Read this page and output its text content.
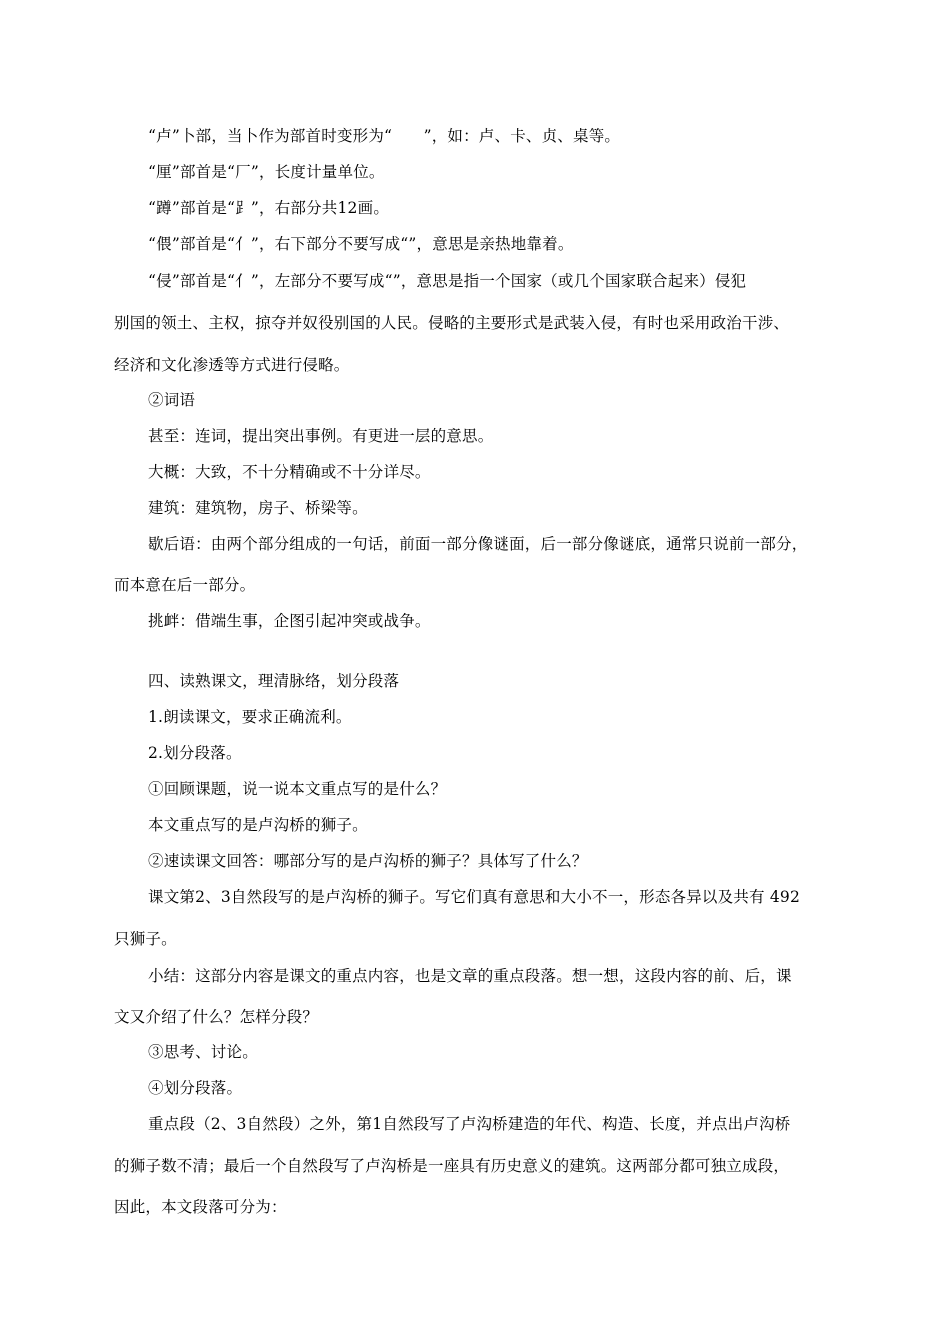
“卢”卜部，当卜作为部首时变形为“　　”，如：卢、卡、贞、桌等。
“厘”部首是“厂”，长度计量单位。
“蹲”部首是“⻊”，右部分共12画。
“偎”部首是“亻”，右下部分不要写成“”，意思是亲热地靠着。
“侵”部首是“亻”，左部分不要写成“”，意思是指一个国家（或几个国家联合起来）侵犯
别国的领土、主权，掠夺并奴役别国的人民。侵略的主要形式是武装入侵，有时也采用政治干涉、
经济和文化渗透等方式进行侵略。
②词语
甚至：连词，提出突出事例。有更进一层的意思。
大概：大致，不十分精确或不十分详尽。
建筑：建筑物，房子、桥梁等。
歇后语：由两个部分组成的一句话，前面一部分像谜面，后一部分像谜底，通常只说前一部分，
而本意在后一部分。
挑衅：借端生事，企图引起冲突或战争。
四、读熟课文，理清脉络，划分段落
1.朗读课文，要求正确流利。
2.划分段落。
①回顾课题，说一说本文重点写的是什么？
本文重点写的是卢沟桥的狮子。
②速读课文回答：哪部分写的是卢沟桥的狮子？具体写了什么？
课文第2、3自然段写的是卢沟桥的狮子。写它们真有意思和大小不一，形态各异以及共有 492
只狮子。
小结：这部分内容是课文的重点内容，也是文章的重点段落。想一想，这段内容的前、后，课
文又介绍了什么？怎样分段？
③思考、讨论。
④划分段落。
重点段（2、3自然段）之外，第1自然段写了卢沟桥建造的年代、构造、长度，并点出卢沟桥
的狮子数不清；最后一个自然段写了卢沟桥是一座具有历史意义的建筑。这两部分都可独立成段，
因此，本文段落可分为：
